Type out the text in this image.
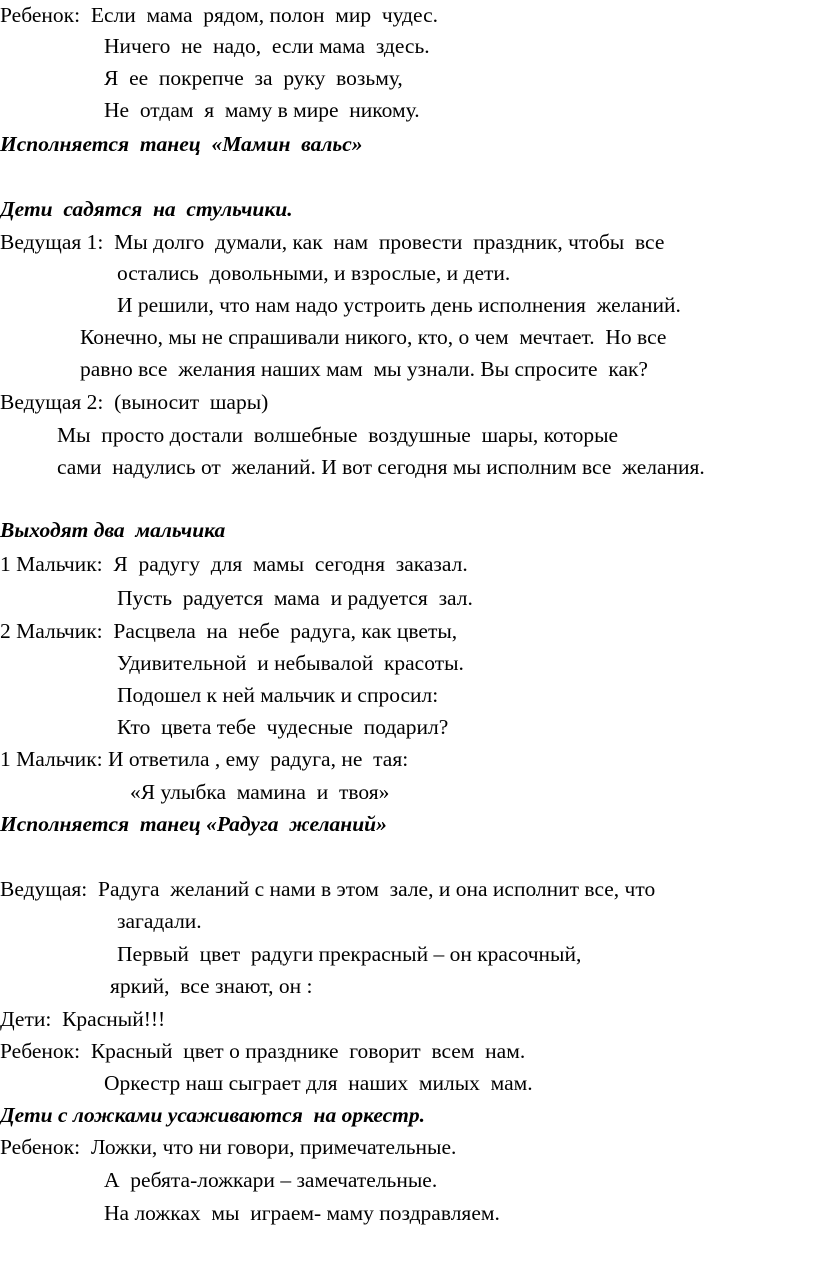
Ребенок:  Если  мама  рядом, полон  мир  чудес.
Ничего  не  надо,  если мама  здесь.
Я  ее  покрепче  за  руку  возьму,
Не  отдам  я  маму в мире  никому.
Исполняется  танец  «Мамин  вальс»
Дети  садятся  на  стульчики.
Ведущая 1:  Мы долго  думали, как  нам  провести  праздник, чтобы  все
остались  довольными, и взрослые, и дети.
И решили, что нам надо устроить день исполнения  желаний.
Конечно, мы не спрашивали никого, кто, о чем  мечтает.  Но все
равно все  желания наших мам  мы узнали. Вы спросите  как?
Ведущая 2:  (выносит  шары)
Мы  просто достали  волшебные  воздушные  шары, которые
сами  надулись от  желаний. И вот сегодня мы исполним все  желания.
Выходят два  мальчика
1 Мальчик:  Я  радугу  для  мамы  сегодня  заказал.
Пусть  радуется  мама  и радуется  зал.
2 Мальчик:  Расцвела  на  небе  радуга, как цветы,
Удивительной  и небывалой  красоты.
Подошел к ней мальчик и спросил:
Кто  цвета тебе  чудесные  подарил?
1 Мальчик: И ответила , ему  радуга, не  тая:
«Я улыбка  мамина  и  твоя»
Исполняется  танец «Радуга  желаний»
Ведущая:  Радуга  желаний с нами в этом  зале, и она исполнит все, что
загадали.
Первый  цвет  радуги прекрасный – он красочный,
яркий,  все знают, он :
Дети:  Красный!!!
Ребенок:  Красный  цвет о празднике  говорит  всем  нам.
Оркестр наш сыграет для  наших  милых  мам.
Дети с ложками усаживаются  на оркестр.
Ребенок:  Ложки, что ни говори, примечательные.
А  ребята-ложкари – замечательные.
На ложках  мы  играем- маму поздравляем.
